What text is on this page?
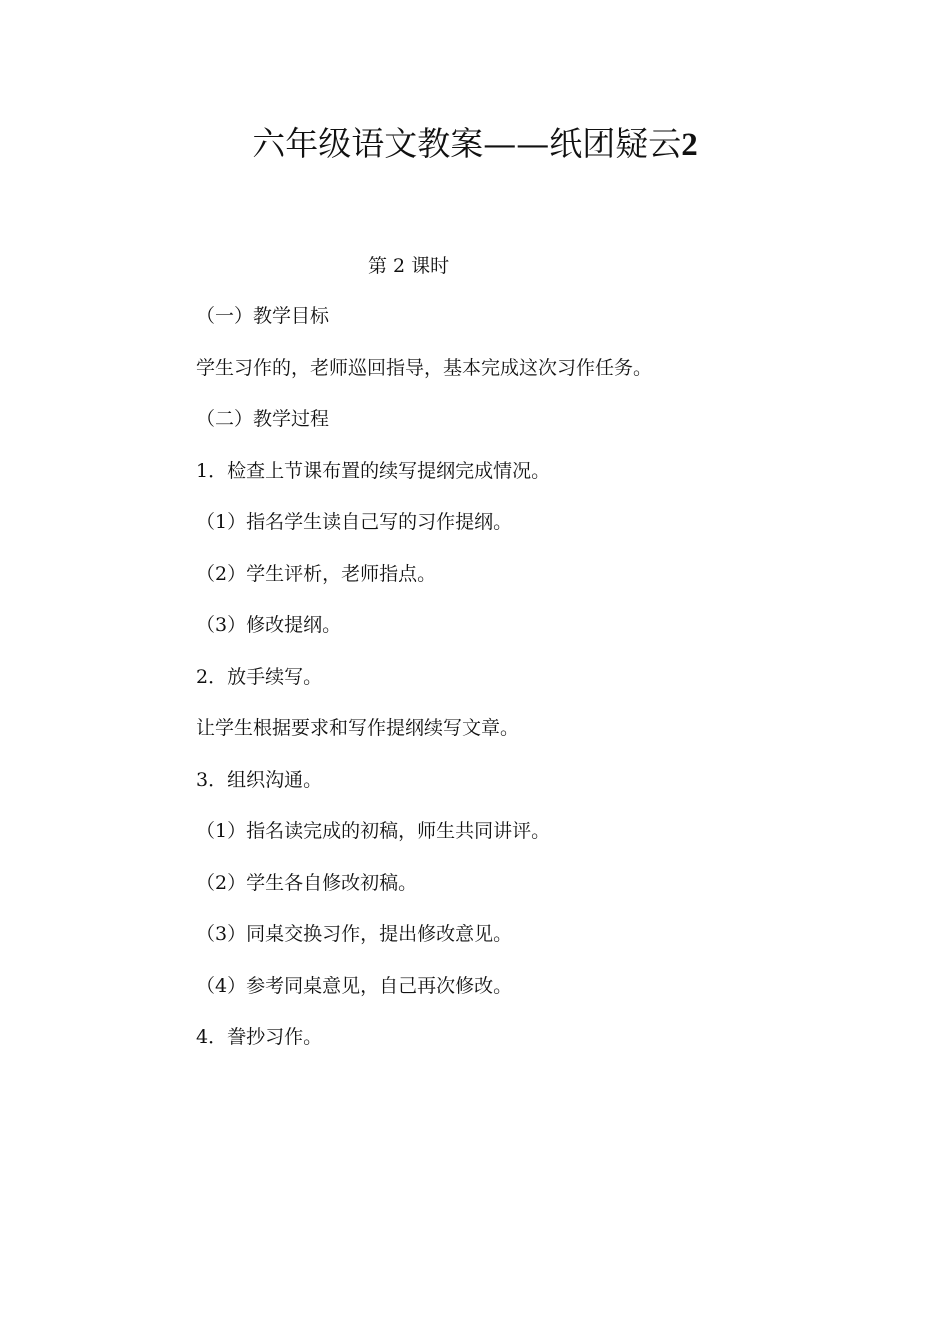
六年级语文教案——纸团疑云2
第 2 课时
（一）教学目标
学生习作的，老师巡回指导，基本完成这次习作任务。
（二）教学过程
1．检查上节课布置的续写提纲完成情况。
（1）指名学生读自己写的习作提纲。
（2）学生评析，老师指点。
（3）修改提纲。
2．放手续写。
让学生根据要求和写作提纲续写文章。
3．组织沟通。
（1）指名读完成的初稿，师生共同讲评。
（2）学生各自修改初稿。
（3）同桌交换习作，提出修改意见。
（4）参考同桌意见，自己再次修改。
4．誊抄习作。
